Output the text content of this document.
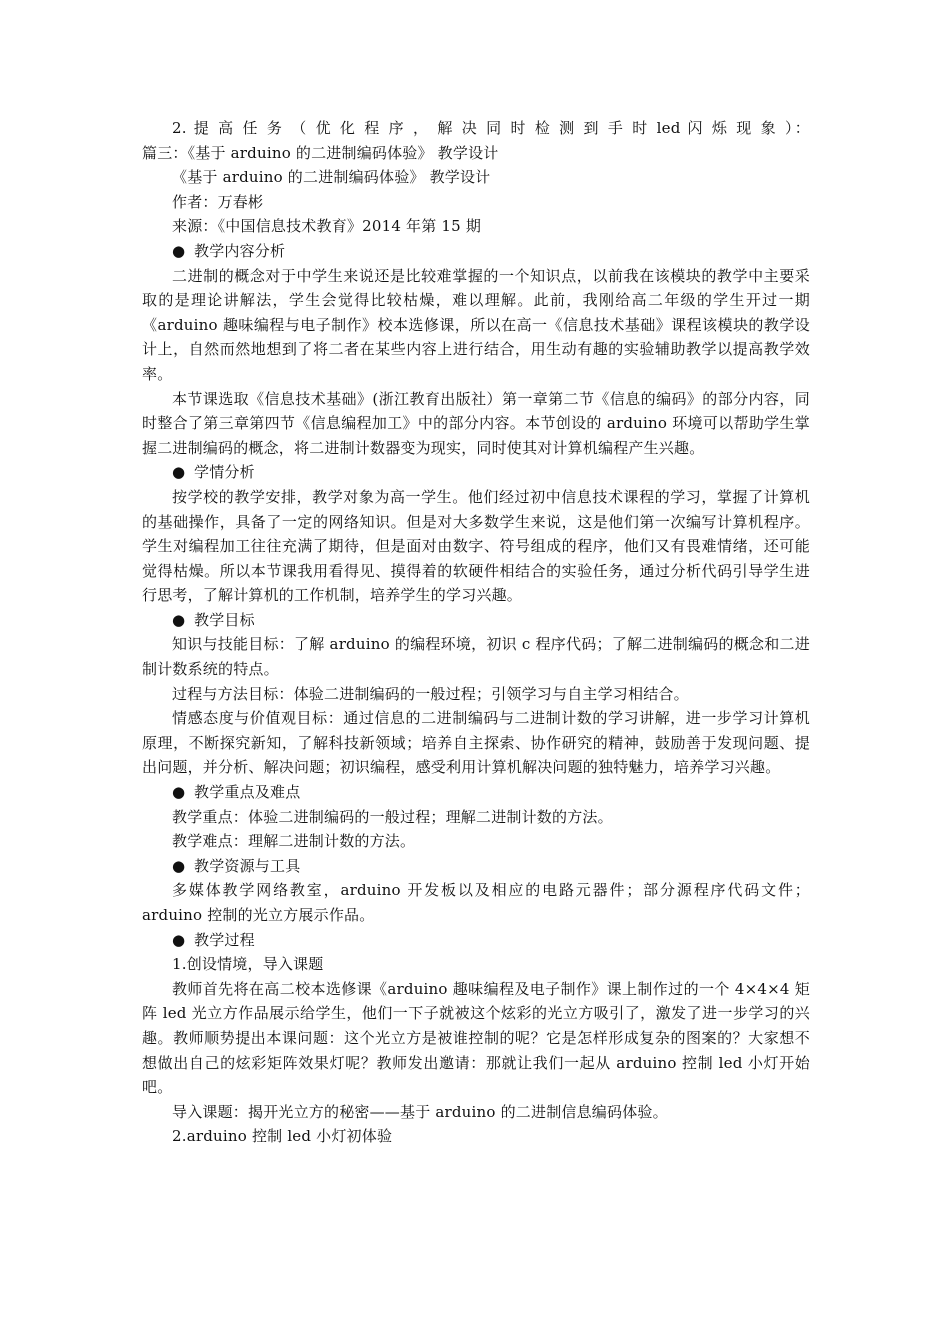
2. 提 高 任 务 （ 优 化 程 序 ， 解 决 同 时 检 测 到 手 时 led 闪 烁 现 象 ）：

篇三：《基于 arduino 的二进制编码体验》 教学设计

《基于 arduino 的二进制编码体验》 教学设计

作者：万春彬

来源：《中国信息技术教育》2014 年第 15 期

● 教学内容分析

二进制的概念对于中学生来说还是比较难掌握的一个知识点，以前我在该模块的教学中主要采取的是理论讲解法，学生会觉得比较枯燥，难以理解。此前，我刚给高二年级的学生开过一期《arduino 趣味编程与电子制作》校本选修课，所以在高一《信息技术基础》课程该模块的教学设计上，自然而然地想到了将二者在某些内容上进行结合，用生动有趣的实验辅助教学以提高教学效率。

本节课选取《信息技术基础》(浙江教育出版社）第一章第二节《信息的编码》的部分内容，同时整合了第三章第四节《信息编程加工》中的部分内容。本节创设的 arduino 环境可以帮助学生掌握二进制编码的概念，将二进制计数器变为现实，同时使其对计算机编程产生兴趣。

● 学情分析

按学校的教学安排，教学对象为高一学生。他们经过初中信息技术课程的学习，掌握了计算机的基础操作，具备了一定的网络知识。但是对大多数学生来说，这是他们第一次编写计算机程序。学生对编程加工往往充满了期待，但是面对由数字、符号组成的程序，他们又有畏难情绪，还可能觉得枯燥。所以本节课我用看得见、摸得着的软硬件相结合的实验任务，通过分析代码引导学生进行思考，了解计算机的工作机制，培养学生的学习兴趣。

● 教学目标

知识与技能目标：了解 arduino 的编程环境，初识 c 程序代码；了解二进制编码的概念和二进制计数系统的特点。

过程与方法目标：体验二进制编码的一般过程；引领学习与自主学习相结合。

情感态度与价值观目标：通过信息的二进制编码与二进制计数的学习讲解，进一步学习计算机原理，不断探究新知，了解科技新领域；培养自主探索、协作研究的精神，鼓励善于发现问题、提出问题，并分析、解决问题；初识编程，感受利用计算机解决问题的独特魅力，培养学习兴趣。

● 教学重点及难点

教学重点：体验二进制编码的一般过程；理解二进制计数的方法。

教学难点：理解二进制计数的方法。

● 教学资源与工具

多媒体教学网络教室，arduino 开发板以及相应的电路元器件；部分源程序代码文件；arduino 控制的光立方展示作品。

● 教学过程

1.创设情境，导入课题

教师首先将在高二校本选修课《arduino 趣味编程及电子制作》课上制作过的一个 4×4×4 矩阵 led 光立方作品展示给学生，他们一下子就被这个炫彩的光立方吸引了，激发了进一步学习的兴趣。教师顺势提出本课问题：这个光立方是被谁控制的呢？它是怎样形成复杂的图案的？大家想不想做出自己的炫彩矩阵效果灯呢？教师发出邀请：那就让我们一起从 arduino 控制 led 小灯开始吧。

导入课题：揭开光立方的秘密——基于 arduino 的二进制信息编码体验。

2.arduino 控制 led 小灯初体验
